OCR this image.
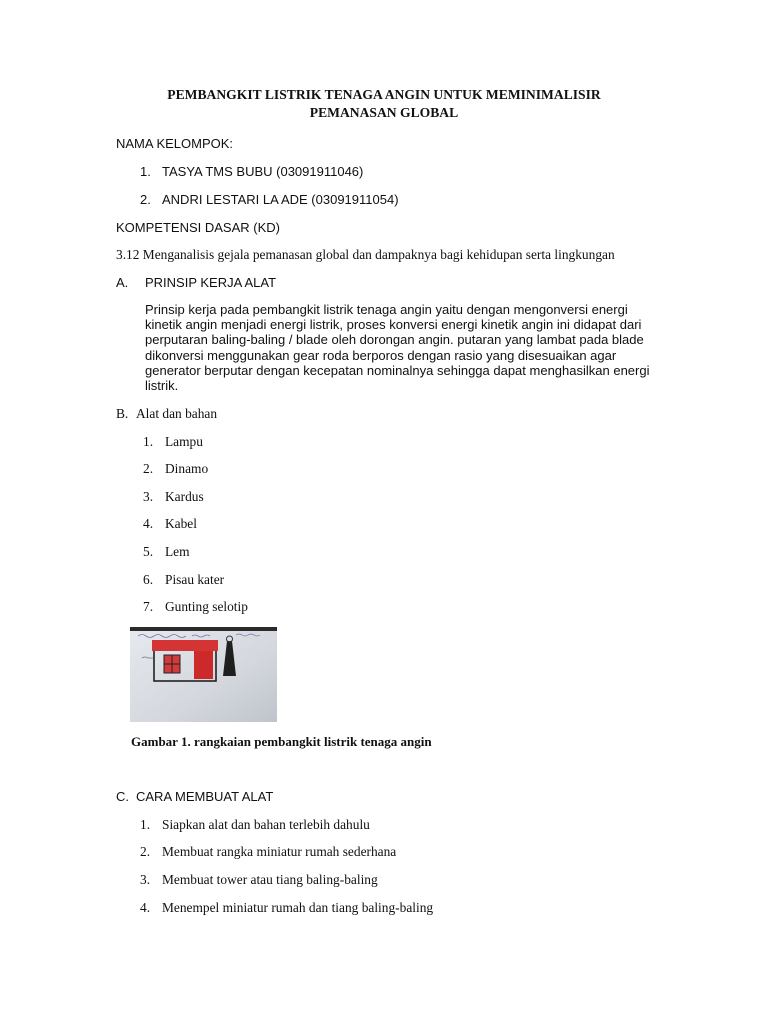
PEMBANGKIT LISTRIK TENAGA ANGIN UNTUK MEMINIMALISIR
PEMANASAN GLOBAL
NAMA KELOMPOK:
1. TASYA TMS BUBU (03091911046)
2. ANDRI LESTARI LA ADE (03091911054)
KOMPETENSI DASAR (KD)
3.12 Menganalisis gejala pemanasan global dan dampaknya bagi kehidupan serta lingkungan
A. PRINSIP KERJA ALAT
Prinsip kerja pada pembangkit listrik tenaga angin yaitu dengan mengonversi energi kinetik angin menjadi energi listrik, proses konversi energi kinetik angin ini didapat dari perputaran baling-baling / blade oleh dorongan angin. putaran yang lambat pada blade dikonversi menggunakan gear roda berporos dengan rasio yang disesuaikan agar generator berputar dengan kecepatan nominalnya sehingga dapat menghasilkan energi listrik.
B. Alat dan bahan
1. Lampu
2. Dinamo
3. Kardus
4. Kabel
5. Lem
6. Pisau kater
7. Gunting selotip
Gambar 1. rangkaian pembangkit listrik tenaga angin
C. CARA MEMBUAT ALAT
1. Siapkan alat dan bahan terlebih dahulu
2. Membuat rangka miniatur rumah sederhana
3. Membuat tower atau tiang baling-baling
4. Menempel miniatur rumah dan tiang baling-baling
